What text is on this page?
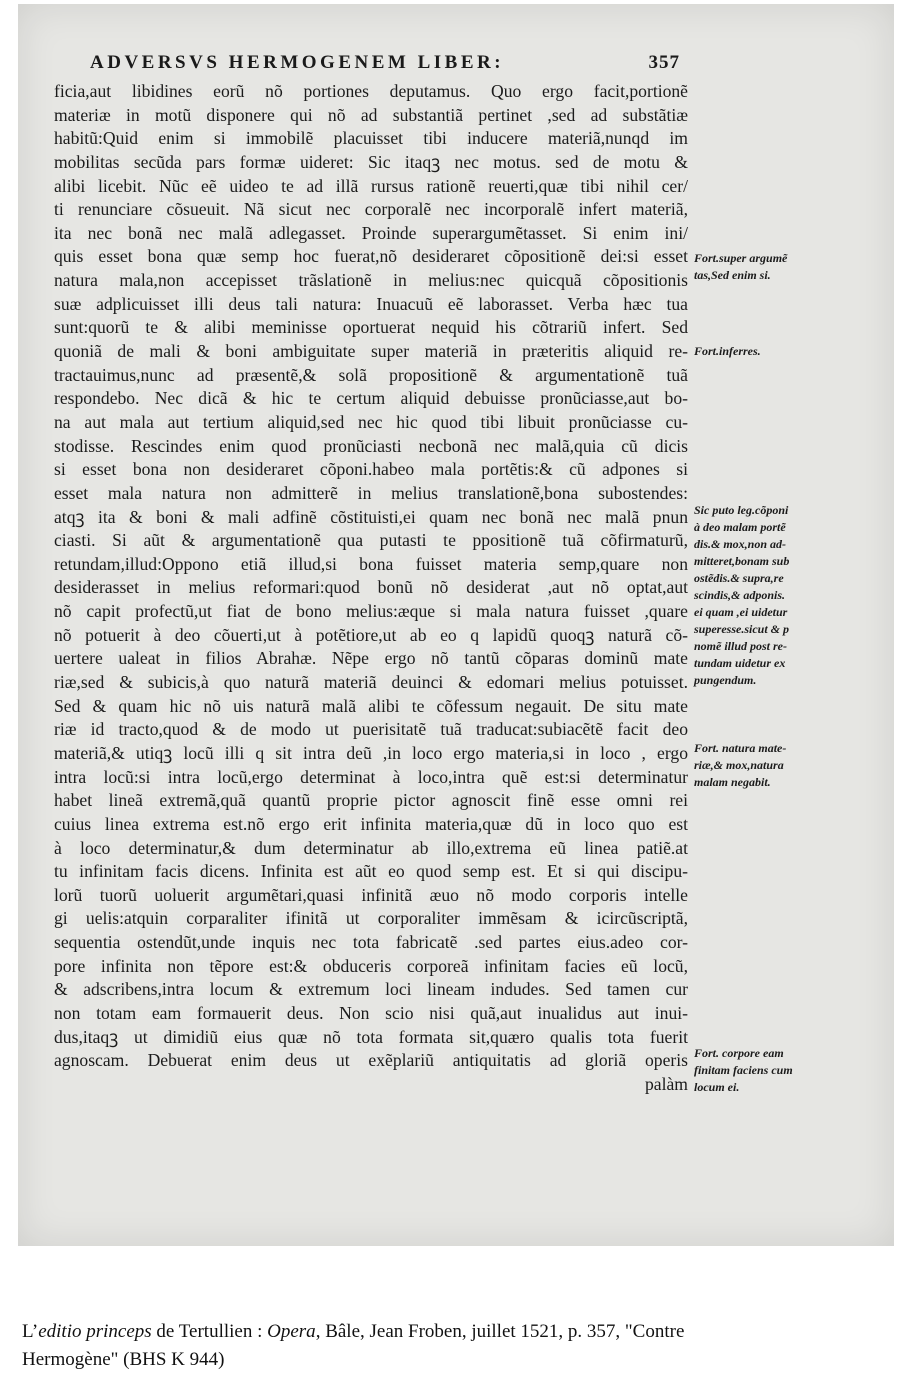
ADVERSVS HERMOGENEM LIBER:	357
ficia,aut libidines eorũ nõ portiones deputamus. Quo ergo facit,portionẽ
materiæ in motũ disponere qui nõ ad substantiã pertinet ,sed ad substãtiæ
habitũ:Quid enim si immobilẽ placuisset tibi inducere materiã,nunqd im
mobilitas secũda pars formæ uideret: Sic itaqꝫ nec motus. sed de motu &
alibi licebit. Nũc eẽ uideo te ad illã rursus rationẽ reuerti,quæ tibi nihil cer/
ti renunciare cõsueuit. Nã sicut nec corporalẽ nec incorporalẽ infert materiã,
ita nec bonã nec malã adlegasset. Proinde superargumẽtasset. Si enim ini/
quis esset bona quæ semp hoc fuerat,nõ desideraret cõpositionẽ dei:si esset
natura mala,non accepisset trãslationẽ in melius:nec quicquã cõpositionis
suæ adplicuisset illi deus tali natura: Inuacuũ eẽ laborasset. Verba hæc tua
sunt:quorũ te & alibi meminisse oportuerat nequid his cõtrariũ infert. Sed
quoniã de mali & boni ambiguitate super materiã in præteritis aliquid re-
tractauimus,nunc ad præsentẽ,& solã propositionẽ & argumentationẽ tuã
respondebo. Nec dicã & hic te certum aliquid debuisse pronũciasse,aut bo-
na aut mala aut tertium aliquid,sed nec hic quod tibi libuit pronũciasse cu-
stodisse. Rescindes enim quod pronũciasti necbonã nec malã,quia cũ dicis
si esset bona non desideraret cõponi.habeo mala portẽtis:& cũ adpones si
esset mala natura non admitterẽ in melius translationẽ,bona subostendes:
atqꝫ ita & boni & mali adfinẽ cõstituisti,ei quam nec bonã nec malã pnun
ciasti. Si aũt & argumentationẽ qua putasti te ppositionẽ tuã cõfirmaturũ,
retundam,illud:Oppono etiã illud,si bona fuisset materia semp,quare non
desiderasset in melius reformari:quod bonũ nõ desiderat ,aut nõ optat,aut
nõ capit profectũ,ut fiat de bono melius:æque si mala natura fuisset ,quare
nõ potuerit à deo cõuerti,ut à potẽtiore,ut ab eo q lapidũ quoqꝫ naturã cõ-
uertere ualeat in filios Abrahæ. Nẽpe ergo nõ tantũ cõparas dominũ mate
riæ,sed & subicis,à quo naturã materiã deuinci & edomari melius potuisset.
Sed & quam hic nõ uis naturã malã alibi te cõfessum negauit. De situ mate
riæ id tracto,quod & de modo ut puerisitatẽ tuã traducat:subiacẽtẽ facit deo
materiã,& utiqꝫ locũ illi q sit intra deũ ,in loco ergo materia,si in loco , ergo
intra locũ:si intra locũ,ergo determinat à loco,intra quẽ est:si determinatur
habet lineã extremã,quã quantũ proprie pictor agnoscit finẽ esse omni rei
cuius linea extrema est.nõ ergo erit infinita materia,quæ dũ in loco quo est
à loco determinatur,& dum determinatur ab illo,extrema eũ linea patiẽ.at
tu infinitam facis dicens. Infinita est aũt eo quod semp est. Et si qui discipu-
lorũ tuorũ uoluerit argumẽtari,quasi infinitã æuo nõ modo corporis intelle
gi uelis:atquin corparaliter ifinitã ut corporaliter immẽsam & icircũscriptã,
sequentia ostendũt,unde inquis nec tota fabricatẽ .sed partes eius.adeo cor-
pore infinita non tẽpore est:& obduceris corporeã infinitam facies eũ locũ,
& adscribens,intra locum & extremum loci lineam indudes. Sed tamen cur
non totam eam formauerit deus. Non scio nisi quã,aut inualidus aut inui-
dus,itaqꝫ ut dimidiũ eius quæ nõ tota formata sit,quæro qualis tota fuerit
agnoscam. Debuerat enim deus ut exẽplariũ antiquitatis ad gloriã operis
palàm
Fort.super argumẽ
tas,Sed enim si.
Fort.inferres.
Sic puto leg.cõponi
à deo malam portẽ
dis.& mox,non ad-
mitteret,bonam sub
ostẽdis.& supra,re
scindis,& adponis.
ei quam ,ei uidetur
superesse.sicut & p
nomẽ illud post re-
tundam uidetur ex
pungendum.
Fort. natura mate-
riæ,& mox,natura
malam negabit.
Fort. corpore eam
finitam faciens cum
locum ei.
L’editio princeps de Tertullien : Opera, Bâle, Jean Froben, juillet 1521, p. 357, "Contre
Hermogène" (BHS K 944)
